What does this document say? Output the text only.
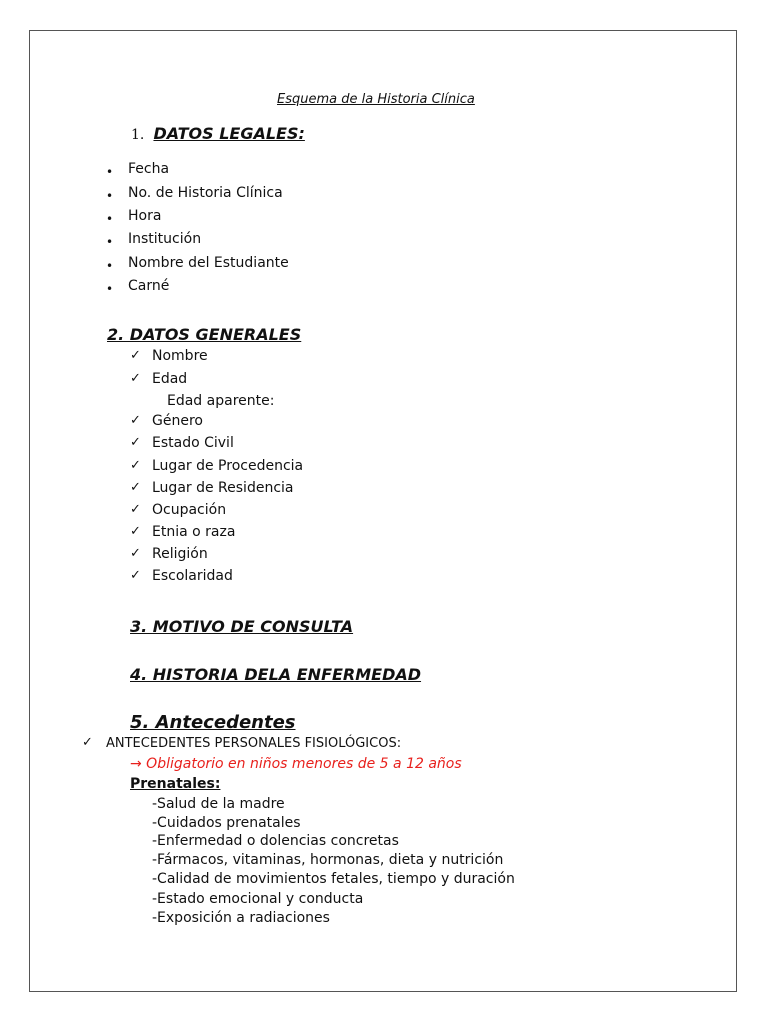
Esquema de la Historia Clínica
1. DATOS LEGALES:
• Fecha
• No. de Historia Clínica
• Hora
• Institución
• Nombre del Estudiante
• Carné
2. DATOS GENERALES
✓ Nombre
✓ Edad
Edad aparente:
✓ Género
✓ Estado Civil
✓ Lugar de Procedencia
✓ Lugar de Residencia
✓ Ocupación
✓ Etnia o raza
✓ Religión
✓ Escolaridad
3. MOTIVO DE CONSULTA
4. HISTORIA DELA ENFERMEDAD
5. Antecedentes
✓ ANTECEDENTES PERSONALES FISIOLÓGICOS:
→ Obligatorio en niños menores de 5 a 12 años
Prenatales:
-Salud de la madre
-Cuidados prenatales
-Enfermedad o dolencias concretas
-Fármacos, vitaminas, hormonas, dieta y nutrición
-Calidad de movimientos fetales, tiempo y duración
-Estado emocional y conducta
-Exposición a radiaciones
